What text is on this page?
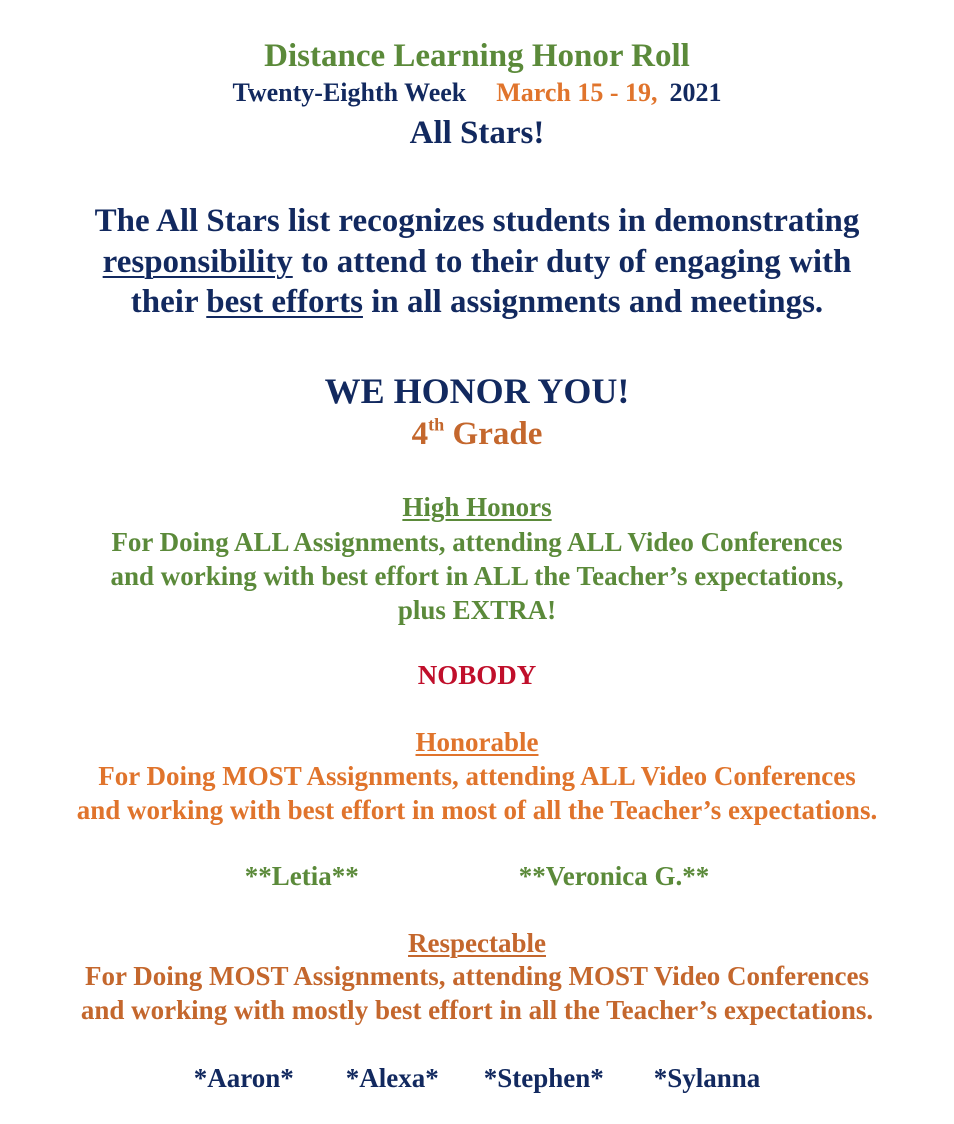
Distance Learning Honor Roll
Twenty-Eighth Week March 15 - 19, 2021
All Stars!
The All Stars list recognizes students in demonstrating
responsibility to attend to their duty of engaging with
their best efforts in all assignments and meetings.
WE HONOR YOU!
4th Grade
High Honors
For Doing ALL Assignments, attending ALL Video Conferences
and working with best effort in ALL the Teacher’s expectations,
plus EXTRA!
NOBODY
Honorable
For Doing MOST Assignments, attending ALL Video Conferences
and working with best effort in most of all the Teacher’s expectations.
**Letia**	**Veronica G.**
Respectable
For Doing MOST Assignments, attending MOST Video Conferences
and working with mostly best effort in all the Teacher’s expectations.
*Aaron* *Alexa* *Stephen* *Sylanna
